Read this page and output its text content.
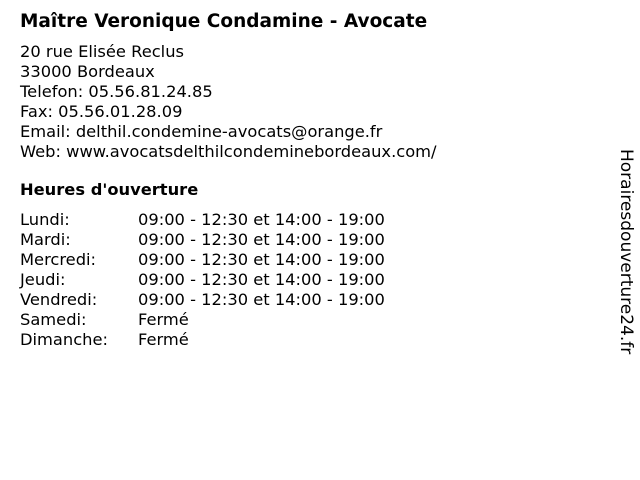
Maître Veronique Condamine - Avocate
20 rue Elisée Reclus
33000 Bordeaux
Telefon: 05.56.81.24.85
Fax: 05.56.01.28.09
Email: delthil.condemine-avocats@orange.fr
Web: www.avocatsdelthilcondeminebordeaux.com/
Heures d'ouverture
Lundi:	09:00 - 12:30 et 14:00 - 19:00
Mardi:	09:00 - 12:30 et 14:00 - 19:00
Mercredi:	09:00 - 12:30 et 14:00 - 19:00
Jeudi:	09:00 - 12:30 et 14:00 - 19:00
Vendredi:	09:00 - 12:30 et 14:00 - 19:00
Samedi:	Fermé
Dimanche:	Fermé	Horairesdouverture24.fr
